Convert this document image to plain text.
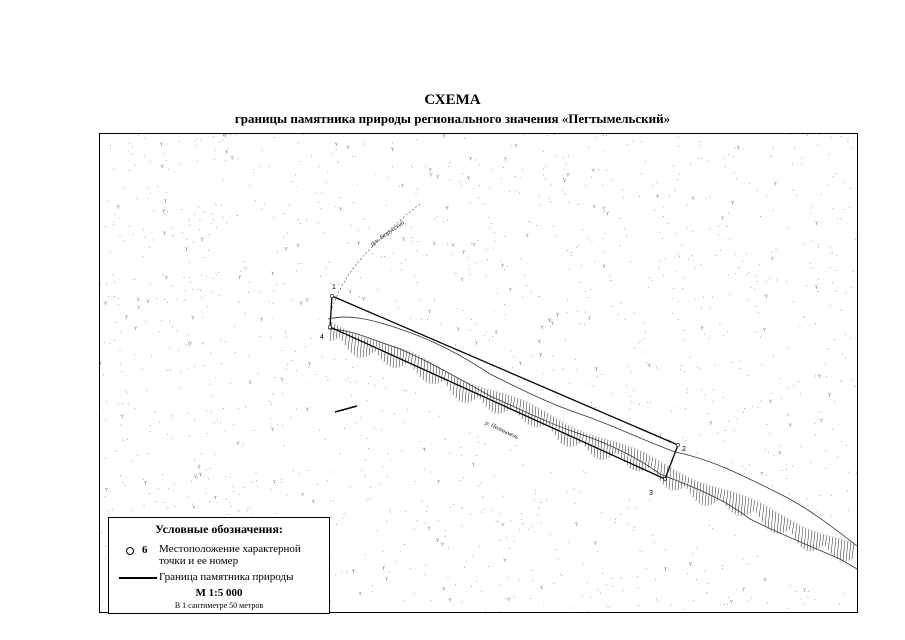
СХЕМА
границы памятника природы регионального значения «Пегтымельский»
1
2
3
4
р. Пегтымель
руч. Безрусский
Условные обозначения:
6 Местоположение характерной точки и ее номер
Граница памятника природы
М 1:5 000
В 1 сантиметре 50 метров
